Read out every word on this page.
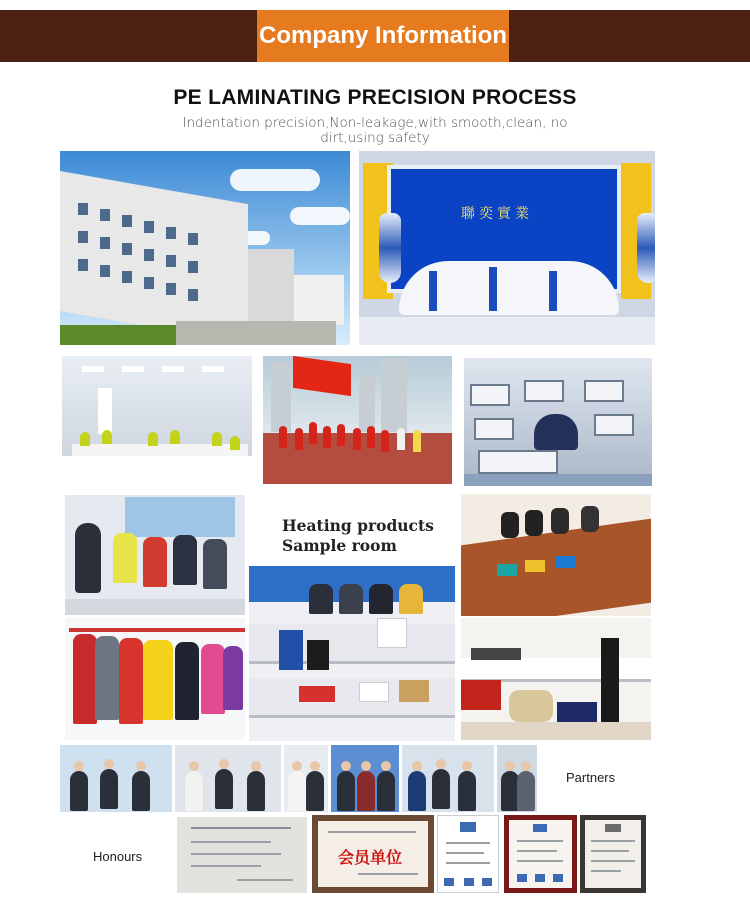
Company Information
PE LAMINATING PRECISION PROCESS
Indentation precision,Non-leakage,with smooth,clean, no dirt,using safety
聯奕實業
Heating products
Sample room
Partners
Honours	会员单位
